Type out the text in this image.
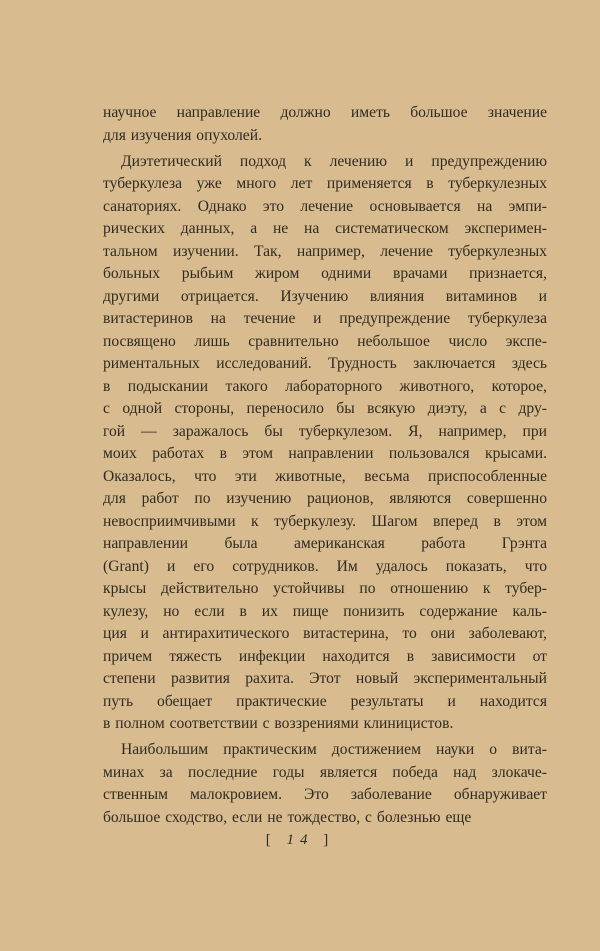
научное направление должно иметь большое значение
для изучения опухолей.
Диэтетический подход к лечению и предупреждению
туберкулеза уже много лет применяется в туберкулезных
санаториях. Однако это лечение основывается на эмпи-
рических данных, а не на систематическом эксперимен-
тальном изучении. Так, например, лечение туберкулезных
больных рыбьим жиром одними врачами признается,
другими отрицается. Изучению влияния витаминов и
витастеринов на течение и предупреждение туберкулеза
посвящено лишь сравнительно небольшое число экспе-
риментальных исследований. Трудность заключается здесь
в подыскании такого лабораторного животного, которое,
с одной стороны, переносило бы всякую диэту, а с дру-
гой — заражалось бы туберкулезом. Я, например, при
моих работах в этом направлении пользовался крысами.
Оказалось, что эти животные, весьма приспособленные
для работ по изучению рационов, являются совершенно
невосприимчивыми к туберкулезу. Шагом вперед в этом
направлении была американская работа Грэнта
(Grant) и его сотрудников. Им удалось показать, что
крысы действительно устойчивы по отношению к тубер-
кулезу, но если в их пище понизить содержание каль-
ция и антирахитического витастерина, то они заболевают,
причем тяжесть инфекции находится в зависимости от
степени развития рахита. Этот новый экспериментальный
путь обещает практические результаты и находится
в полном соответствии с воззрениями клиницистов.
Наибольшим практическим достижением науки о вита-
минах за последние годы является победа над злокаче-
ственным малокровием. Это заболевание обнаруживает
большое сходство, если не тождество, с болезнью еще
[ 14 ]
